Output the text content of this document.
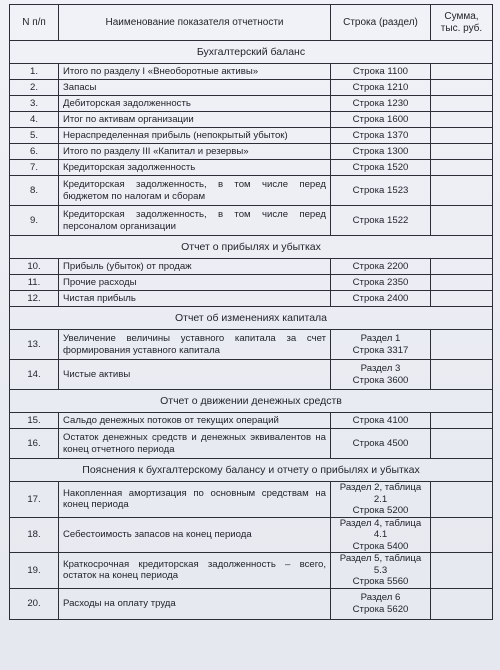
N п/п	Наименование показателя отчетности	Строка (раздел)	Сумма, тыс. руб.
Бухгалтерский баланс			
1.	Итого по разделу I «Внеоборотные активы»	Строка 1100	

2.	Запасы	Строка 1210	

3.	Дебиторская задолженность	Строка 1230	

4.	Итог по активам организации	Строка 1600	

5.	Нераспределенная прибыль (непокрытый убыток)	Строка 1370	

6.	Итого по разделу III «Капитал и резервы»	Строка 1300	

7.	Кредиторская задолженность	Строка 1520	

8.	Кредиторская задолженность, в том числе перед бюджетом по налогам и сборам	Строка 1523	

9.	Кредиторская задолженность, в том числе перед персоналом организации	Строка 1522	

Отчет о прибылях и убытках			
10.	Прибыль (убыток) от продаж	Строка 2200	

11.	Прочие расходы	Строка 2350	

12.	Чистая прибыль	Строка 2400	

Отчет об изменениях капитала			
13.	Увеличение величины уставного капитала за счет формирования уставного капитала	Раздел 1
Строка 3317	

14.	Чистые активы	Раздел 3
Строка 3600	

Отчет о движении денежных средств			
15.	Сальдо денежных потоков от текущих операций	Строка 4100	

16.	Остаток денежных средств и денежных эквивалентов на конец отчетного периода	Строка 4500	

Пояснения к бухгалтерскому балансу и отчету о прибылях и убытках			
17.	Накопленная амортизация по основным средствам на конец периода	Раздел 2, таблица 2.1
Строка 5200	

18.	Себестоимость запасов на конец периода	Раздел 4, таблица 4.1
Строка 5400	

19.	Краткосрочная кредиторская задолженность – всего, остаток на конец периода	Раздел 5, таблица 5.3
Строка 5560	

20.	Расходы на оплату труда	Раздел 6
Строка 5620	
